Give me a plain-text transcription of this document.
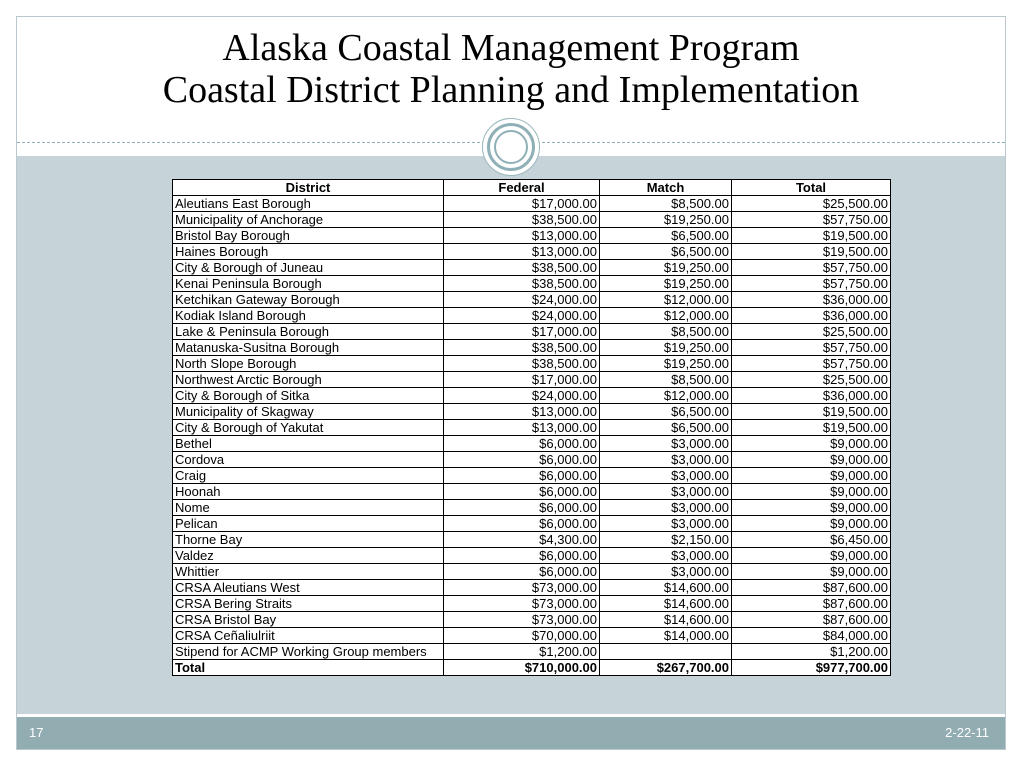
Alaska Coastal Management Program
Coastal District Planning and Implementation
District	Federal	Match	Total
Aleutians East Borough	$17,000.00	$8,500.00	$25,500.00
Municipality of Anchorage	$38,500.00	$19,250.00	$57,750.00
Bristol Bay Borough	$13,000.00	$6,500.00	$19,500.00
Haines Borough	$13,000.00	$6,500.00	$19,500.00
City & Borough of Juneau	$38,500.00	$19,250.00	$57,750.00
Kenai Peninsula Borough	$38,500.00	$19,250.00	$57,750.00
Ketchikan Gateway Borough	$24,000.00	$12,000.00	$36,000.00
Kodiak Island Borough	$24,000.00	$12,000.00	$36,000.00
Lake & Peninsula Borough	$17,000.00	$8,500.00	$25,500.00
Matanuska-Susitna Borough	$38,500.00	$19,250.00	$57,750.00
North Slope Borough	$38,500.00	$19,250.00	$57,750.00
Northwest Arctic Borough	$17,000.00	$8,500.00	$25,500.00
City & Borough of Sitka	$24,000.00	$12,000.00	$36,000.00
Municipality of Skagway	$13,000.00	$6,500.00	$19,500.00
City & Borough of Yakutat	$13,000.00	$6,500.00	$19,500.00
Bethel	$6,000.00	$3,000.00	$9,000.00
Cordova	$6,000.00	$3,000.00	$9,000.00
Craig	$6,000.00	$3,000.00	$9,000.00
Hoonah	$6,000.00	$3,000.00	$9,000.00
Nome	$6,000.00	$3,000.00	$9,000.00
Pelican	$6,000.00	$3,000.00	$9,000.00
Thorne Bay	$4,300.00	$2,150.00	$6,450.00
Valdez	$6,000.00	$3,000.00	$9,000.00
Whittier	$6,000.00	$3,000.00	$9,000.00
CRSA Aleutians West	$73,000.00	$14,600.00	$87,600.00
CRSA Bering Straits	$73,000.00	$14,600.00	$87,600.00
CRSA Bristol Bay	$73,000.00	$14,600.00	$87,600.00
CRSA Ceñaliulriit	$70,000.00	$14,000.00	$84,000.00
Stipend for ACMP Working Group members	$1,200.00		$1,200.00
Total	$710,000.00	$267,700.00	$977,700.00
17	2-22-11
